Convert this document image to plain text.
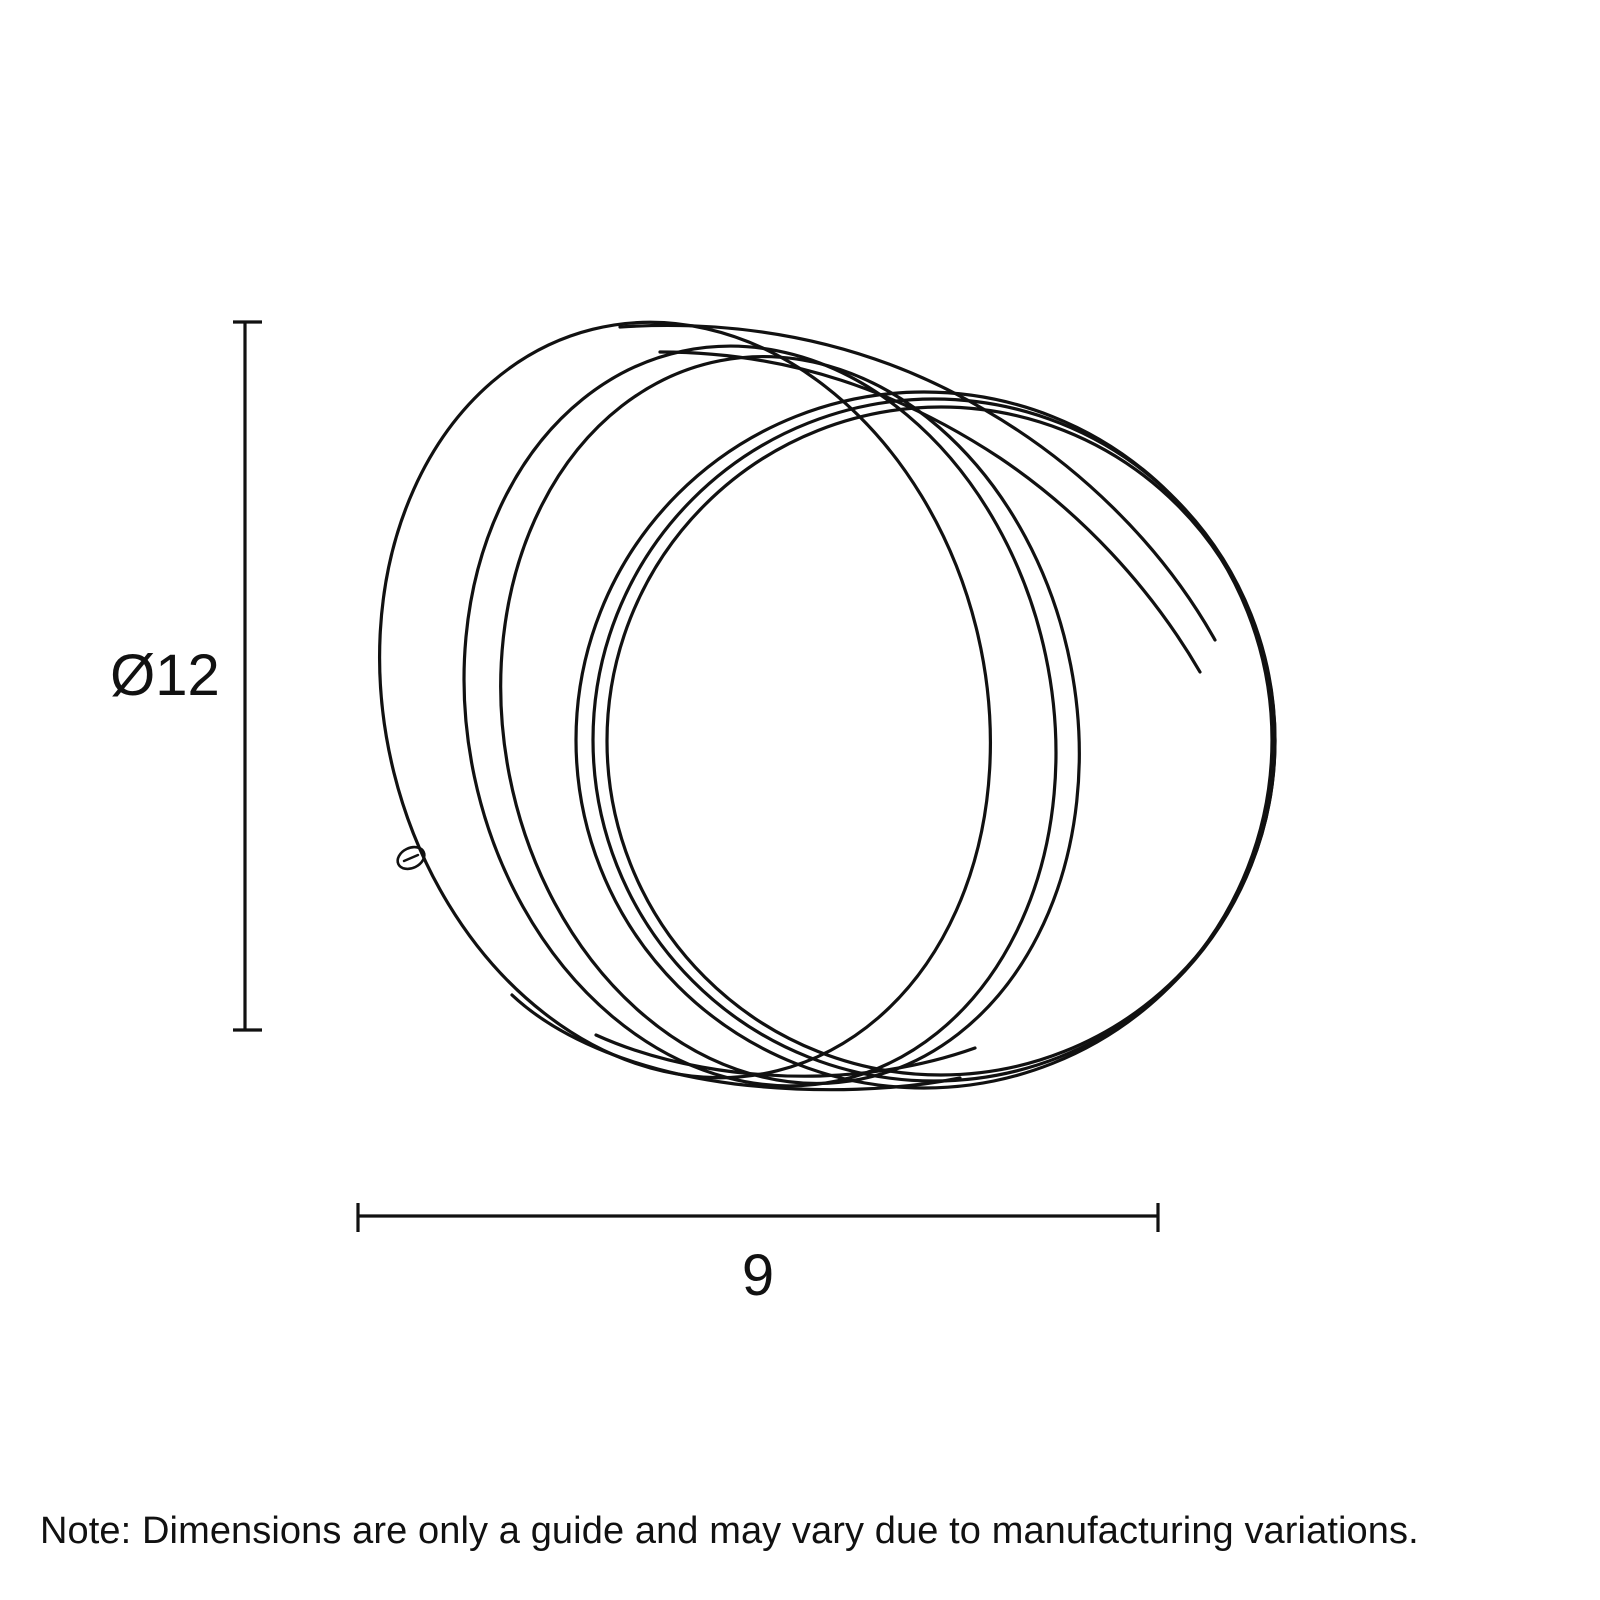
Ø12
9
Note: Dimensions are only a guide and may vary due to manufacturing variations.
